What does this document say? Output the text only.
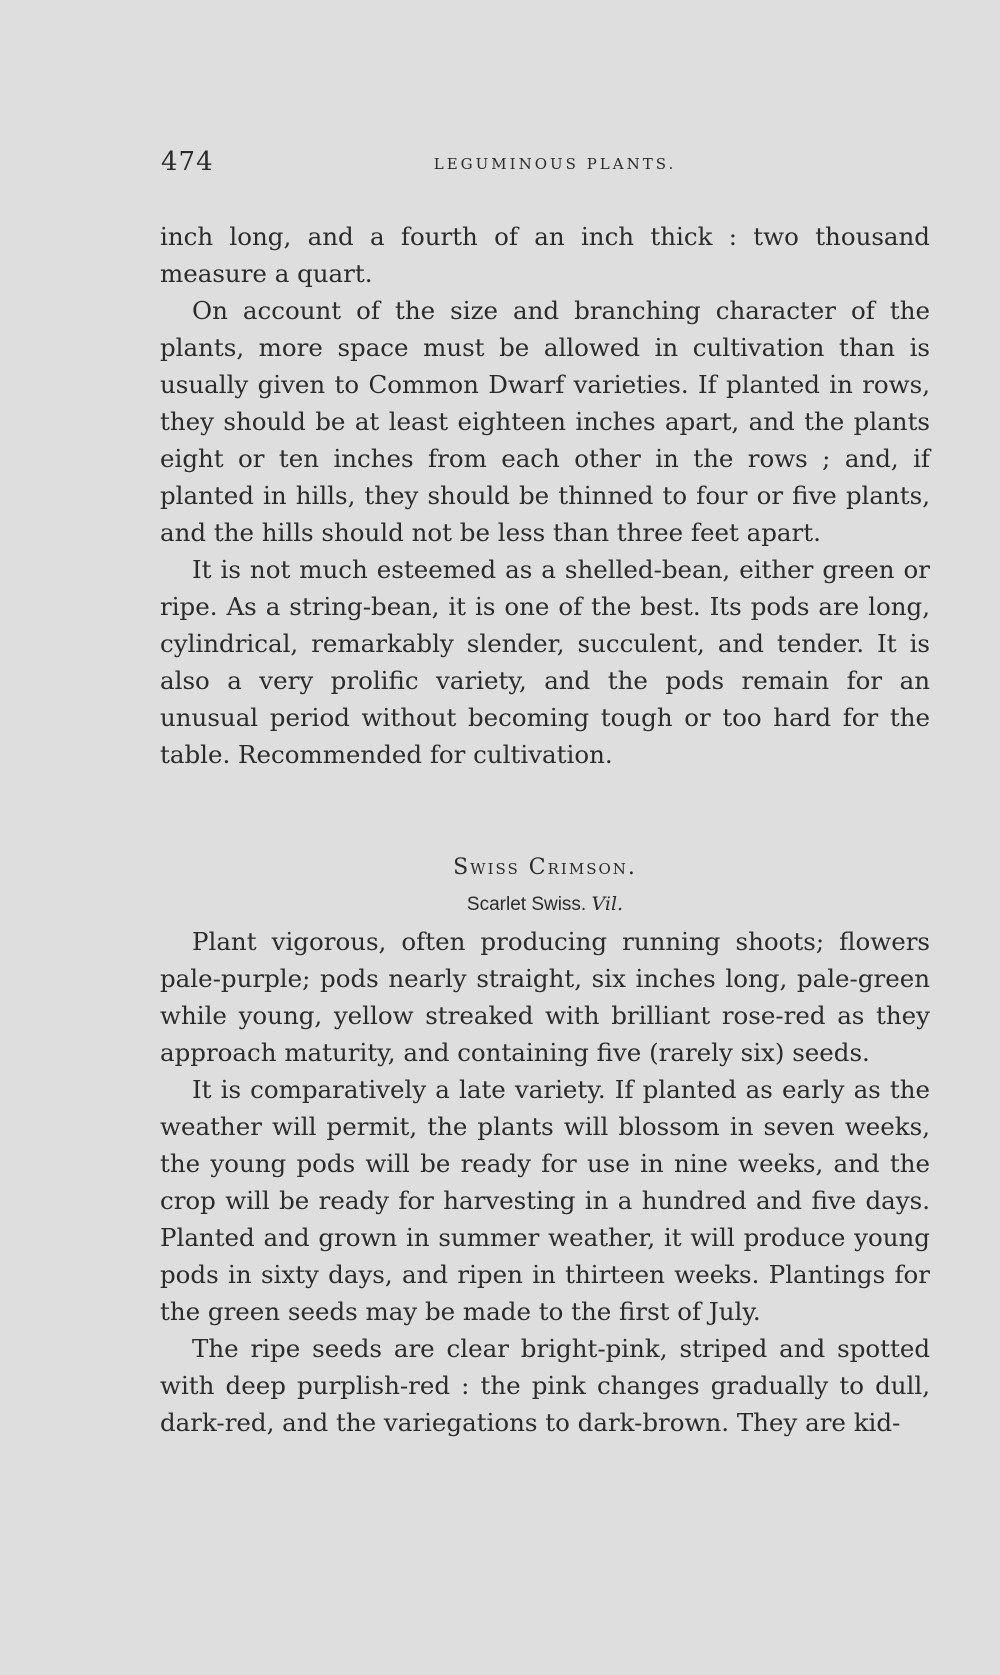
474	LEGUMINOUS PLANTS.

inch long, and a fourth of an inch thick : two thousand measure a quart.

On account of the size and branching character of the plants, more space must be allowed in cultivation than is usually given to Common Dwarf varieties. If planted in rows, they should be at least eighteen inches apart, and the plants eight or ten inches from each other in the rows ; and, if planted in hills, they should be thinned to four or five plants, and the hills should not be less than three feet apart.

It is not much esteemed as a shelled-bean, either green or ripe. As a string-bean, it is one of the best. Its pods are long, cylindrical, remarkably slender, succulent, and tender. It is also a very prolific variety, and the pods remain for an unusual period without becoming tough or too hard for the table. Recommended for cultivation.

Swiss Crimson.
Scarlet Swiss. Vil.

Plant vigorous, often producing running shoots; flowers pale-purple; pods nearly straight, six inches long, pale-green while young, yellow streaked with brilliant rose-red as they approach maturity, and containing five (rarely six) seeds.

It is comparatively a late variety. If planted as early as the weather will permit, the plants will blossom in seven weeks, the young pods will be ready for use in nine weeks, and the crop will be ready for harvesting in a hundred and five days. Planted and grown in summer weather, it will produce young pods in sixty days, and ripen in thirteen weeks. Plantings for the green seeds may be made to the first of July.

The ripe seeds are clear bright-pink, striped and spotted with deep purplish-red : the pink changes gradually to dull, dark-red, and the variegations to dark-brown. They are kid-
